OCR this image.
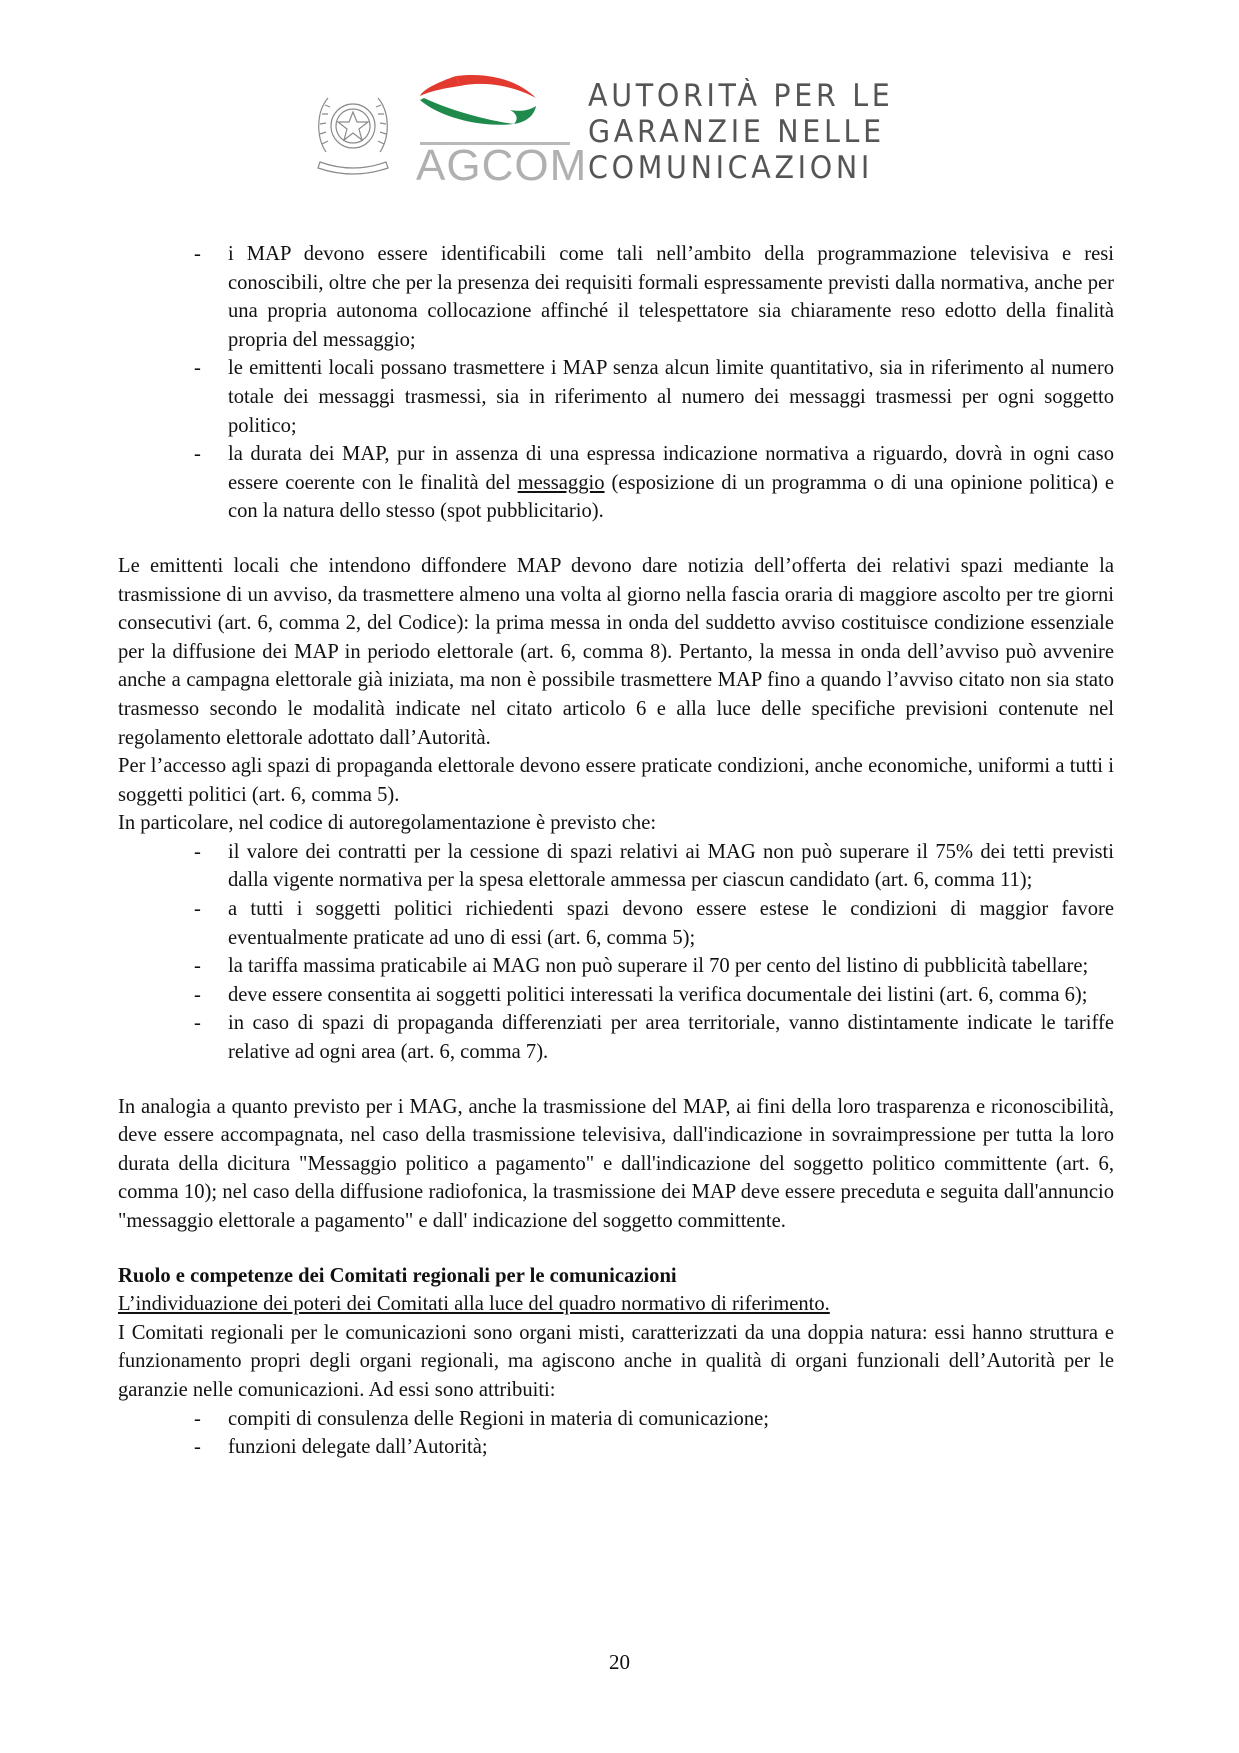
AGCOM
AUTORITÀ PER LE
GARANZIE NELLE
COMUNICAZIONI
- i MAP devono essere identificabili come tali nell’ambito della programmazione televisiva e resi conoscibili, oltre che per la presenza dei requisiti formali espressamente previsti dalla normativa, anche per una propria autonoma collocazione affinché il telespettatore sia chiaramente reso edotto della finalità propria del messaggio;
- le emittenti locali possano trasmettere i MAP senza alcun limite quantitativo, sia in riferimento al numero totale dei messaggi trasmessi, sia in riferimento al numero dei messaggi trasmessi per ogni soggetto politico;
- la durata dei MAP, pur in assenza di una espressa indicazione normativa a riguardo, dovrà in ogni caso essere coerente con le finalità del messaggio (esposizione di un programma o di una opinione politica) e con la natura dello stesso (spot pubblicitario).

Le emittenti locali che intendono diffondere MAP devono dare notizia dell’offerta dei relativi spazi mediante la trasmissione di un avviso, da trasmettere almeno una volta al giorno nella fascia oraria di maggiore ascolto per tre giorni consecutivi (art. 6, comma 2, del Codice): la prima messa in onda del suddetto avviso costituisce condizione essenziale per la diffusione dei MAP in periodo elettorale (art. 6, comma 8). Pertanto, la messa in onda dell’avviso può avvenire anche a campagna elettorale già iniziata, ma non è possibile trasmettere MAP fino a quando l’avviso citato non sia stato trasmesso secondo le modalità indicate nel citato articolo 6 e alla luce delle specifiche previsioni contenute nel regolamento elettorale adottato dall’Autorità.

Per l’accesso agli spazi di propaganda elettorale devono essere praticate condizioni, anche economiche, uniformi a tutti i soggetti politici (art. 6, comma 5).

In particolare, nel codice di autoregolamentazione è previsto che:

- il valore dei contratti per la cessione di spazi relativi ai MAG non può superare il 75% dei tetti previsti dalla vigente normativa per la spesa elettorale ammessa per ciascun candidato (art. 6, comma 11);
- a tutti i soggetti politici richiedenti spazi devono essere estese le condizioni di maggior favore eventualmente praticate ad uno di essi (art. 6, comma 5);
- la tariffa massima praticabile ai MAG non può superare il 70 per cento del listino di pubblicità tabellare;
- deve essere consentita ai soggetti politici interessati la verifica documentale dei listini (art. 6, comma 6);
- in caso di spazi di propaganda differenziati per area territoriale, vanno distintamente indicate le tariffe relative ad ogni area (art. 6, comma 7).

In analogia a quanto previsto per i MAG, anche la trasmissione del MAP, ai fini della loro trasparenza e riconoscibilità, deve essere accompagnata, nel caso della trasmissione televisiva, dall'indicazione in sovraimpressione per tutta la loro durata della dicitura "Messaggio politico a pagamento" e dall'indicazione del soggetto politico committente (art. 6, comma 10); nel caso della diffusione radiofonica, la trasmissione dei MAP deve essere preceduta e seguita dall'annuncio "messaggio elettorale a pagamento" e dall' indicazione del soggetto committente.

Ruolo e competenze dei Comitati regionali per le comunicazioni

L’individuazione dei poteri dei Comitati alla luce del quadro normativo di riferimento.

I Comitati regionali per le comunicazioni sono organi misti, caratterizzati da una doppia natura: essi hanno struttura e funzionamento propri degli organi regionali, ma agiscono anche in qualità di organi funzionali dell’Autorità per le garanzie nelle comunicazioni. Ad essi sono attribuiti:

- compiti di consulenza delle Regioni in materia di comunicazione;
- funzioni delegate dall’Autorità;
20
